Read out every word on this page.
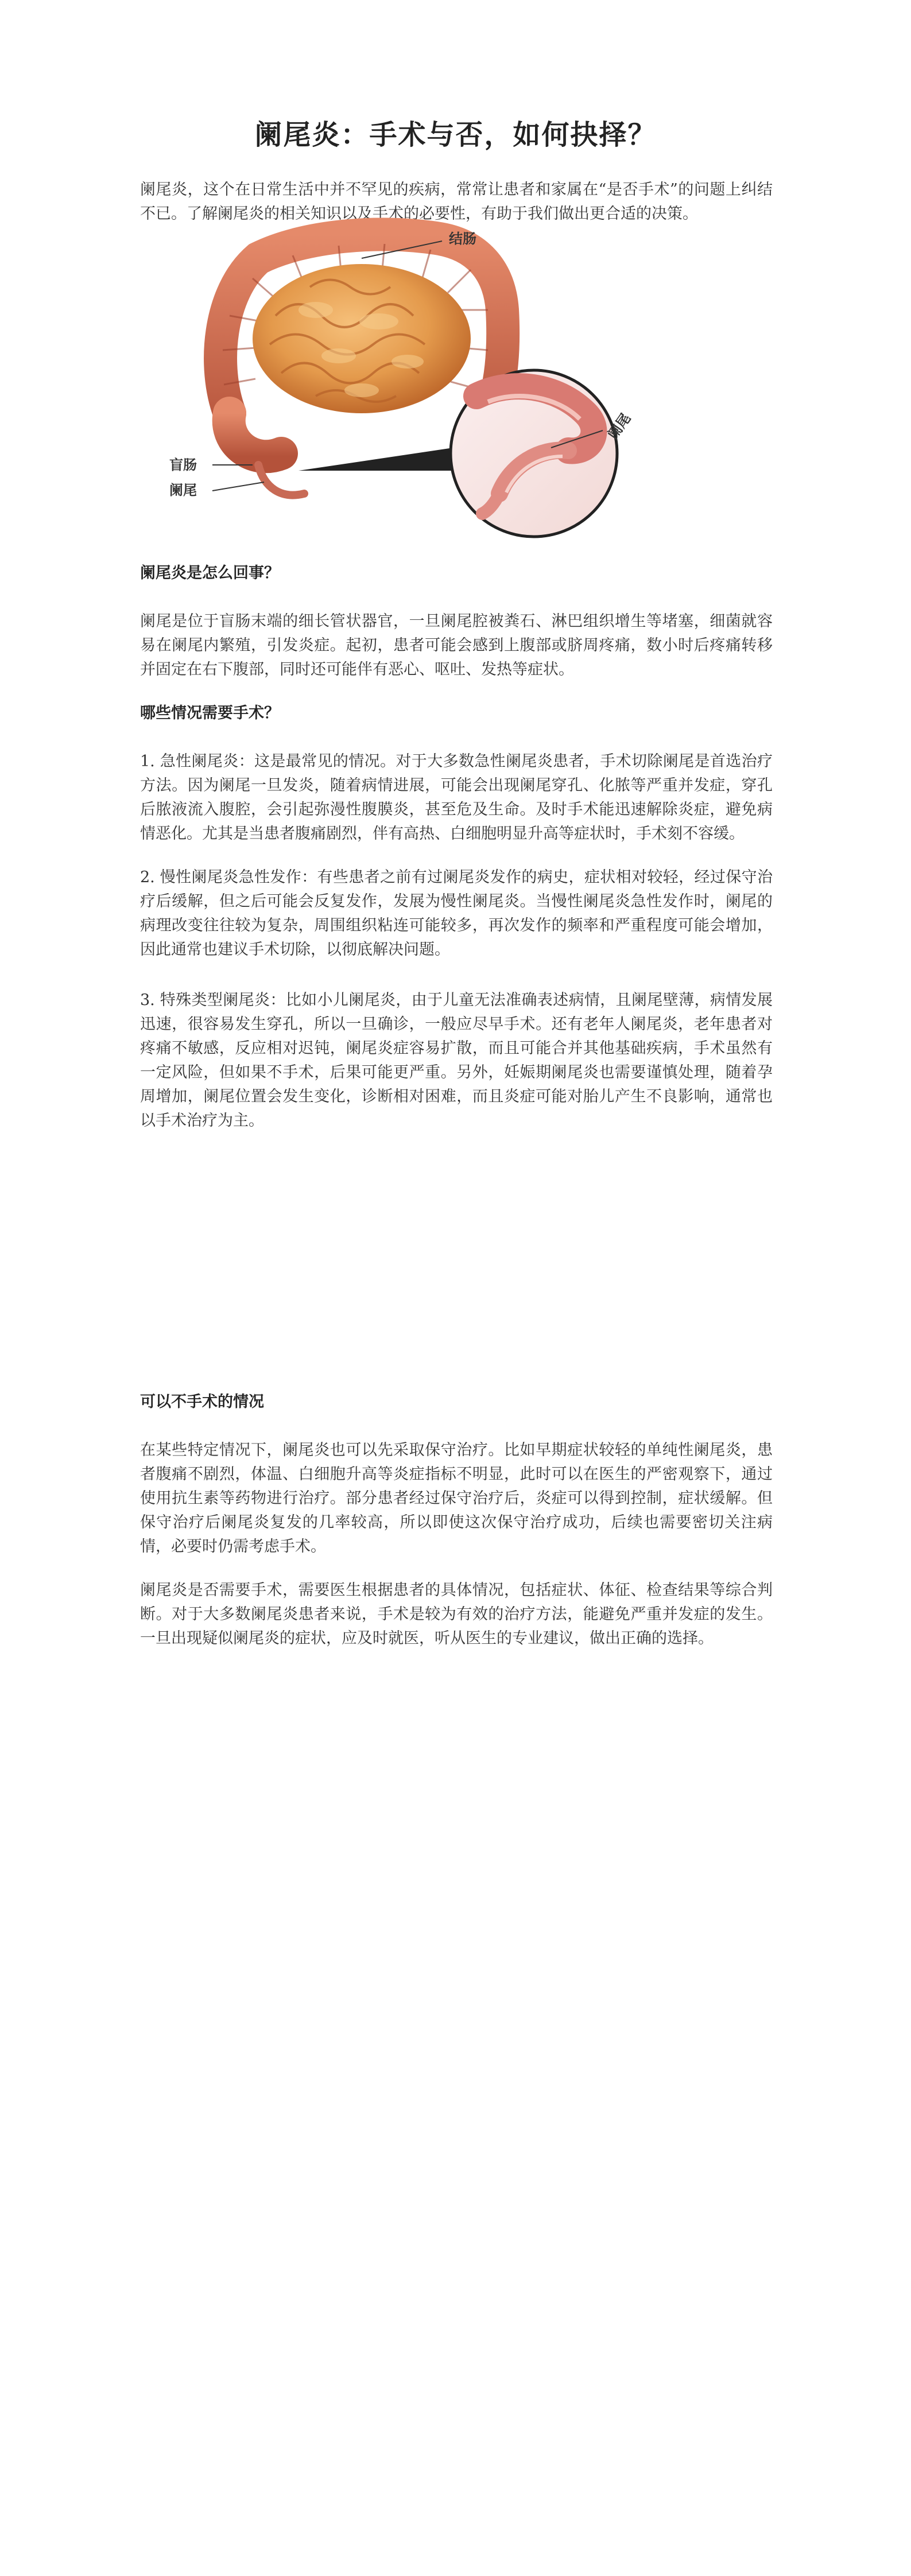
阑尾炎：手术与否，如何抉择？

阑尾炎，这个在日常生活中并不罕见的疾病，常常让患者和家属在“是否手术”的问题上纠结不已。了解阑尾炎的相关知识以及手术的必要性，有助于我们做出更合适的决策。

结肠
盲肠
阑尾
阑尾
阑尾炎是怎么回事？

阑尾是位于盲肠末端的细长管状器官，一旦阑尾腔被粪石、淋巴组织增生等堵塞，细菌就容易在阑尾内繁殖，引发炎症。起初，患者可能会感到上腹部或脐周疼痛，数小时后疼痛转移并固定在右下腹部，同时还可能伴有恶心、呕吐、发热等症状。

哪些情况需要手术？

1. 急性阑尾炎：这是最常见的情况。对于大多数急性阑尾炎患者，手术切除阑尾是首选治疗方法。因为阑尾一旦发炎，随着病情进展，可能会出现阑尾穿孔、化脓等严重并发症，穿孔后脓液流入腹腔，会引起弥漫性腹膜炎，甚至危及生命。及时手术能迅速解除炎症，避免病情恶化。尤其是当患者腹痛剧烈，伴有高热、白细胞明显升高等症状时，手术刻不容缓。

2. 慢性阑尾炎急性发作：有些患者之前有过阑尾炎发作的病史，症状相对较轻，经过保守治疗后缓解，但之后可能会反复发作，发展为慢性阑尾炎。当慢性阑尾炎急性发作时，阑尾的病理改变往往较为复杂，周围组织粘连可能较多，再次发作的频率和严重程度可能会增加，因此通常也建议手术切除，以彻底解决问题。

3. 特殊类型阑尾炎：比如小儿阑尾炎，由于儿童无法准确表述病情，且阑尾壁薄，病情发展迅速，很容易发生穿孔，所以一旦确诊，一般应尽早手术。还有老年人阑尾炎，老年患者对疼痛不敏感，反应相对迟钝，阑尾炎症容易扩散，而且可能合并其他基础疾病，手术虽然有一定风险，但如果不手术，后果可能更严重。另外，妊娠期阑尾炎也需要谨慎处理，随着孕周增加，阑尾位置会发生变化，诊断相对困难，而且炎症可能对胎儿产生不良影响，通常也以手术治疗为主。

可以不手术的情况

在某些特定情况下，阑尾炎也可以先采取保守治疗。比如早期症状较轻的单纯性阑尾炎，患者腹痛不剧烈，体温、白细胞升高等炎症指标不明显，此时可以在医生的严密观察下，通过使用抗生素等药物进行治疗。部分患者经过保守治疗后，炎症可以得到控制，症状缓解。但保守治疗后阑尾炎复发的几率较高，所以即使这次保守治疗成功，后续也需要密切关注病情，必要时仍需考虑手术。

阑尾炎是否需要手术，需要医生根据患者的具体情况，包括症状、体征、检查结果等综合判断。对于大多数阑尾炎患者来说，手术是较为有效的治疗方法，能避免严重并发症的发生。一旦出现疑似阑尾炎的症状，应及时就医，听从医生的专业建议，做出正确的选择。
